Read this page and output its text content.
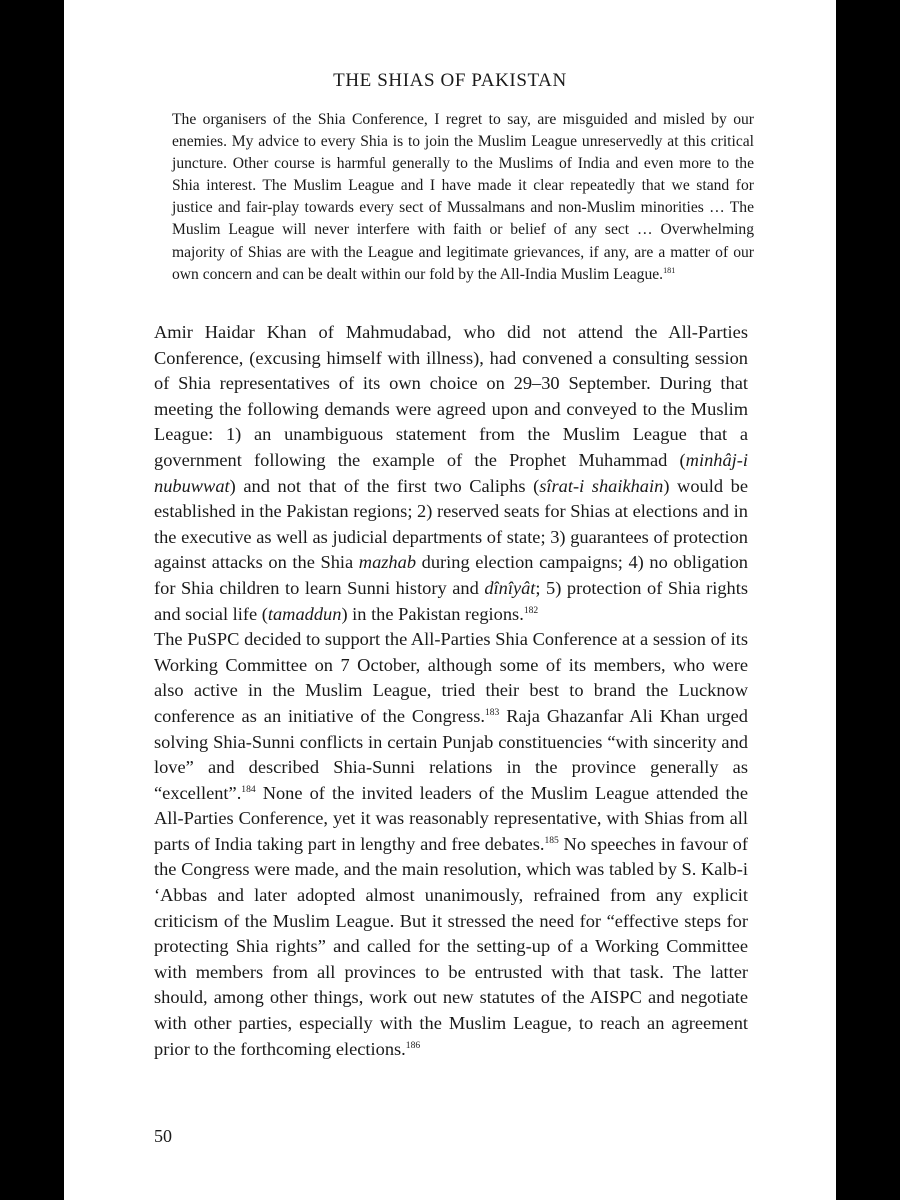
THE SHIAS OF PAKISTAN

The organisers of the Shia Conference, I regret to say, are misguided and misled by our enemies. My advice to every Shia is to join the Muslim League unreservedly at this critical juncture. Other course is harmful generally to the Muslims of India and even more to the Shia interest. The Muslim League and I have made it clear repeatedly that we stand for justice and fair-play towards every sect of Mussalmans and non-Muslim minorities … The Muslim League will never interfere with faith or belief of any sect … Overwhelming majority of Shias are with the League and legitimate grievances, if any, are a matter of our own concern and can be dealt within our fold by the All-India Muslim League.$^{181}$

Amir Haidar Khan of Mahmudabad, who did not attend the All-Parties Conference, (excusing himself with illness), had convened a consulting session of Shia representatives of its own choice on 29–30 September. During that meeting the following demands were agreed upon and conveyed to the Muslim League: 1) an unambiguous statement from the Muslim League that a government following the example of the Prophet Muhammad (minhâj-i nubuwwat) and not that of the first two Caliphs (sîrat-i shaikhain) would be established in the Pakistan regions; 2) reserved seats for Shias at elections and in the executive as well as judicial departments of state; 3) guarantees of protection against attacks on the Shia mazhab during election campaigns; 4) no obligation for Shia children to learn Sunni history and dînîyât; 5) protection of Shia rights and social life (tamaddun) in the Pakistan regions.$^{182}$

The PuSPC decided to support the All-Parties Shia Conference at a session of its Working Committee on 7 October, although some of its members, who were also active in the Muslim League, tried their best to brand the Lucknow conference as an initiative of the Congress.$^{183}$ Raja Ghazanfar Ali Khan urged solving Shia-Sunni conflicts in certain Punjab constituencies “with sincerity and love” and described Shia-Sunni relations in the province generally as “excellent”.$^{184}$ None of the invited leaders of the Muslim League attended the All-Parties Conference, yet it was reasonably representative, with Shias from all parts of India taking part in lengthy and free debates.$^{185}$ No speeches in favour of the Congress were made, and the main resolution, which was tabled by S. Kalb-i ‘Abbas and later adopted almost unanimously, refrained from any explicit criticism of the Muslim League. But it stressed the need for “effective steps for protecting Shia rights” and called for the setting-up of a Working Committee with members from all provinces to be entrusted with that task. The latter should, among other things, work out new statutes of the AISPC and negotiate with other parties, especially with the Muslim League, to reach an agreement prior to the forthcoming elections.$^{186}$

50
